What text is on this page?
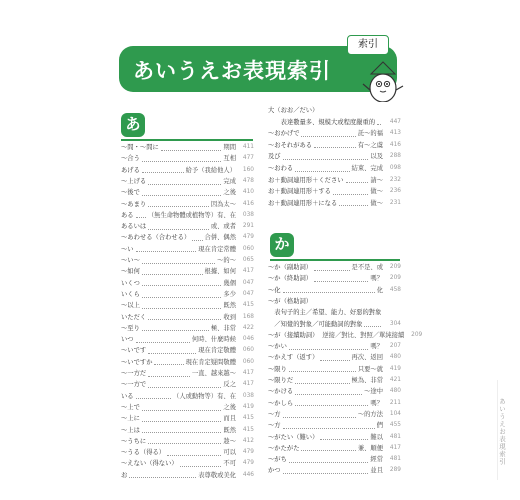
あいうえお表現索引
索引
あ
〜間・〜間に	期間	411
〜合う	互相	477
あげる	給予（我給他人）	160
〜上げる	完成	478
〜後で	之後	410
〜あまり	因為太〜	416
ある （無生命物體或植物等）有、在	038
あるいは	或、或者	291
〜あわせる（合わせる） 合併、偶然	479
〜い	現在肯定常體	060
〜い〜	〜的〜	065
〜如何	根據、如何	417
いくつ	幾個	047
いくら	多少	047
〜以上	既然	415
いただく	收到	168
〜至り	極、非常	422
いつ	何時、什麼時候	046
〜いです	現在肯定敬體	060
〜いですか	現在肯定疑問敬體	060
〜一方だ	一直、越來越〜	417
〜一方で	反之	417
いる	（人或動物等）有、在	038
〜上で	之後	419
〜上に	而且	415
〜上は	既然	415
〜うちに	趁〜	412
〜うる（得る）	可以	479
〜えない（得ない）	不可	479
お	表尊敬或美化	446
大（おお／だい）
　　表達數量多、規模大或程度嚴重的	447
〜おかげで	託〜的福	413
〜おそれがある	有〜之虞	416
及び	以及	288
〜おわる	結束、完成	098
お＋動詞連用形＋ください	請〜	232
お＋動詞連用形＋する	做〜	236
お＋動詞連用形＋になる	做〜	231
か
〜か（副助詞）	是不是、或	209
〜か（終助詞）	嗎？	209
〜化	化	458
〜が（格助詞）
　表句子的主／希望、能力、好惡的對象
　／知覺的對象／可能動詞的對象	304
〜が（接續助詞） 逆接／對比、對照／單純接續	209
〜かい	嗎？	207
〜かえす（返す）	再次、返回	480
〜限り	只要〜就	419
〜限りだ	極為、非常	421
〜かける	〜途中	480
〜かしら	嗎？	211
〜方	〜的方法	104
〜方	們	455
〜がたい（難い）	難以	481
〜かたがた	兼、順便	417
〜がち	經常	481
かつ	並且	289
あいうえお表現索引
